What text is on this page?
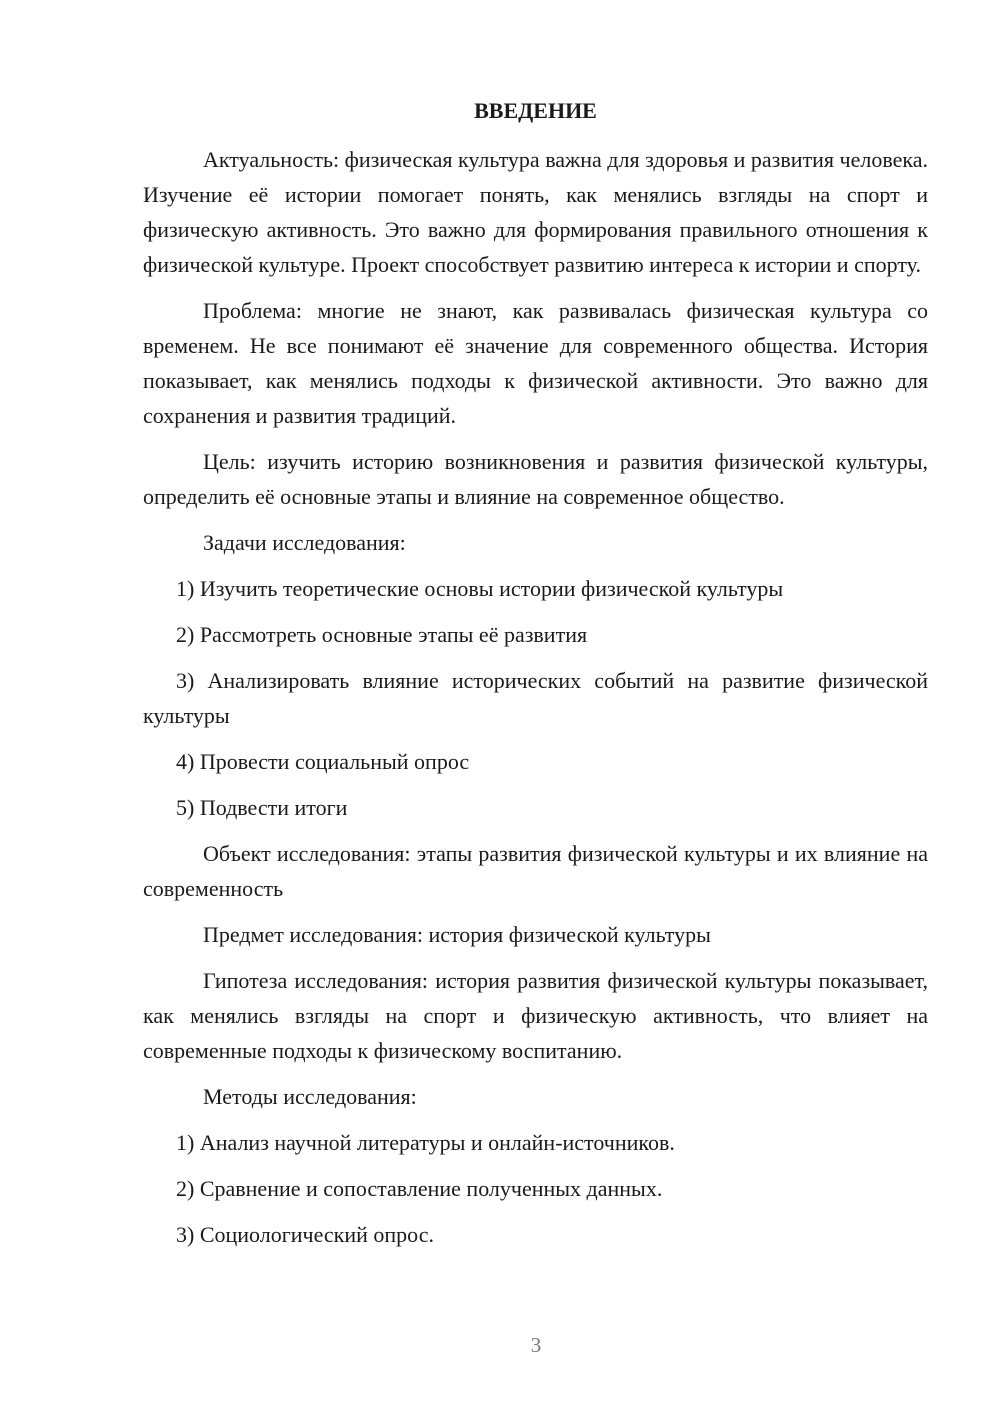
ВВЕДЕНИЕ

Актуальность: физическая культура важна для здоровья и развития человека. Изучение её истории помогает понять, как менялись взгляды на спорт и физическую активность. Это важно для формирования правильного отношения к физической культуре. Проект способствует развитию интереса к истории и спорту.

Проблема: многие не знают, как развивалась физическая культура со временем. Не все понимают её значение для современного общества. История показывает, как менялись подходы к физической активности. Это важно для сохранения и развития традиций.

Цель: изучить историю возникновения и развития физической культуры, определить её основные этапы и влияние на современное общество.

Задачи исследования:

1) Изучить теоретические основы истории физической культуры

2) Рассмотреть основные этапы её развития

3) Анализировать влияние исторических событий на развитие физической культуры

4) Провести социальный опрос

5) Подвести итоги

Объект исследования: этапы развития физической культуры и их влияние на современность

Предмет исследования: история физической культуры

Гипотеза исследования: история развития физической культуры показывает, как менялись взгляды на спорт и физическую активность, что влияет на современные подходы к физическому воспитанию.

Методы исследования:

1) Анализ научной литературы и онлайн-источников.

2) Сравнение и сопоставление полученных данных.

3) Социологический опрос.

3
